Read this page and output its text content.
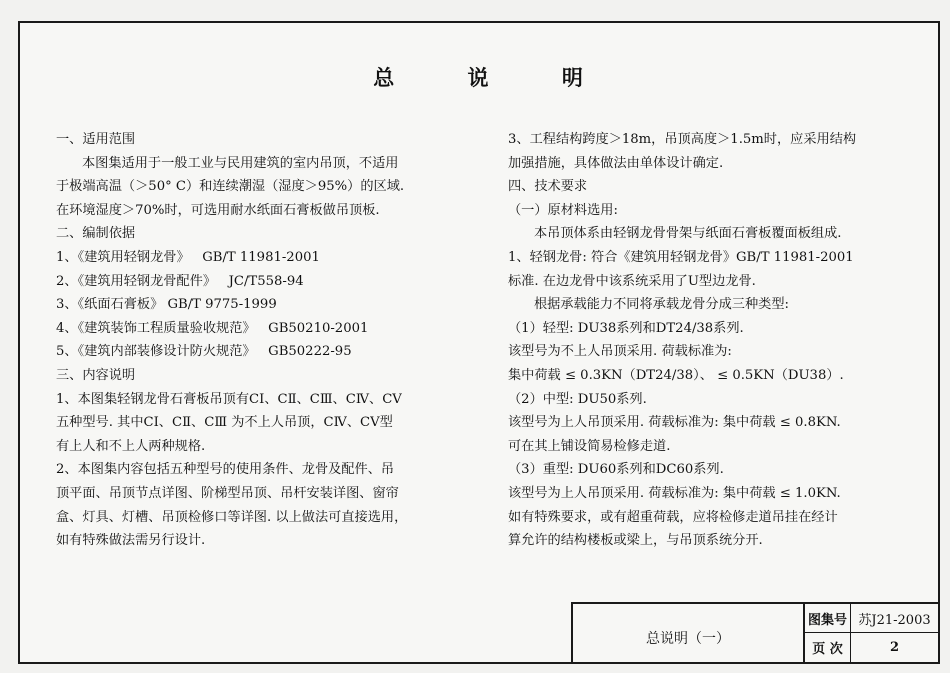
总	说	明
一、适用范围
本图集适用于一般工业与民用建筑的室内吊顶，不适用
于极端高温（＞50° C）和连续潮湿（湿度＞95%）的区域.
在环境湿度＞70%时，可选用耐水纸面石膏板做吊顶板.
二、编制依据
1、《建筑用轻钢龙骨》   GB/T 11981-2001
2、《建筑用轻钢龙骨配件》   JC/T558-94
3、《纸面石膏板》 GB/T 9775-1999
4、《建筑装饰工程质量验收规范》   GB50210-2001
5、《建筑内部装修设计防火规范》   GB50222-95
三、内容说明
1、本图集轻钢龙骨石膏板吊顶有CⅠ、CⅡ、CⅢ、CⅣ、CⅤ
五种型号. 其中CⅠ、CⅡ、CⅢ 为不上人吊顶，CⅣ、CⅤ型
有上人和不上人两种规格.
2、本图集内容包括五种型号的使用条件、龙骨及配件、吊
顶平面、吊顶节点详图、阶梯型吊顶、吊杆安装详图、窗帘
盒、灯具、灯槽、吊顶检修口等详图. 以上做法可直接选用，
如有特殊做法需另行设计.
3、工程结构跨度＞18m，吊顶高度＞1.5m时，应采用结构
加强措施，具体做法由单体设计确定.
四、技术要求
（一）原材料选用:
本吊顶体系由轻钢龙骨骨架与纸面石膏板覆面板组成.
1、轻钢龙骨: 符合《建筑用轻钢龙骨》GB/T 11981-2001
标准. 在边龙骨中该系统采用了U型边龙骨.
根据承载能力不同将承载龙骨分成三种类型:
（1）轻型: DU38系列和DT24/38系列.
该型号为不上人吊顶采用. 荷载标准为:
集中荷载 ≤ 0.3KN（DT24/38）、 ≤ 0.5KN（DU38）.
（2）中型: DU50系列.
该型号为上人吊顶采用. 荷载标准为: 集中荷载 ≤ 0.8KN.
可在其上铺设简易检修走道.
（3）重型: DU60系列和DC60系列.
该型号为上人吊顶采用. 荷载标准为: 集中荷载 ≤ 1.0KN.
如有特殊要求，或有超重荷载，应将检修走道吊挂在经计
算允许的结构楼板或梁上，与吊顶系统分开.
总说明（一）
图集号 苏J21-2003
页 次	2
